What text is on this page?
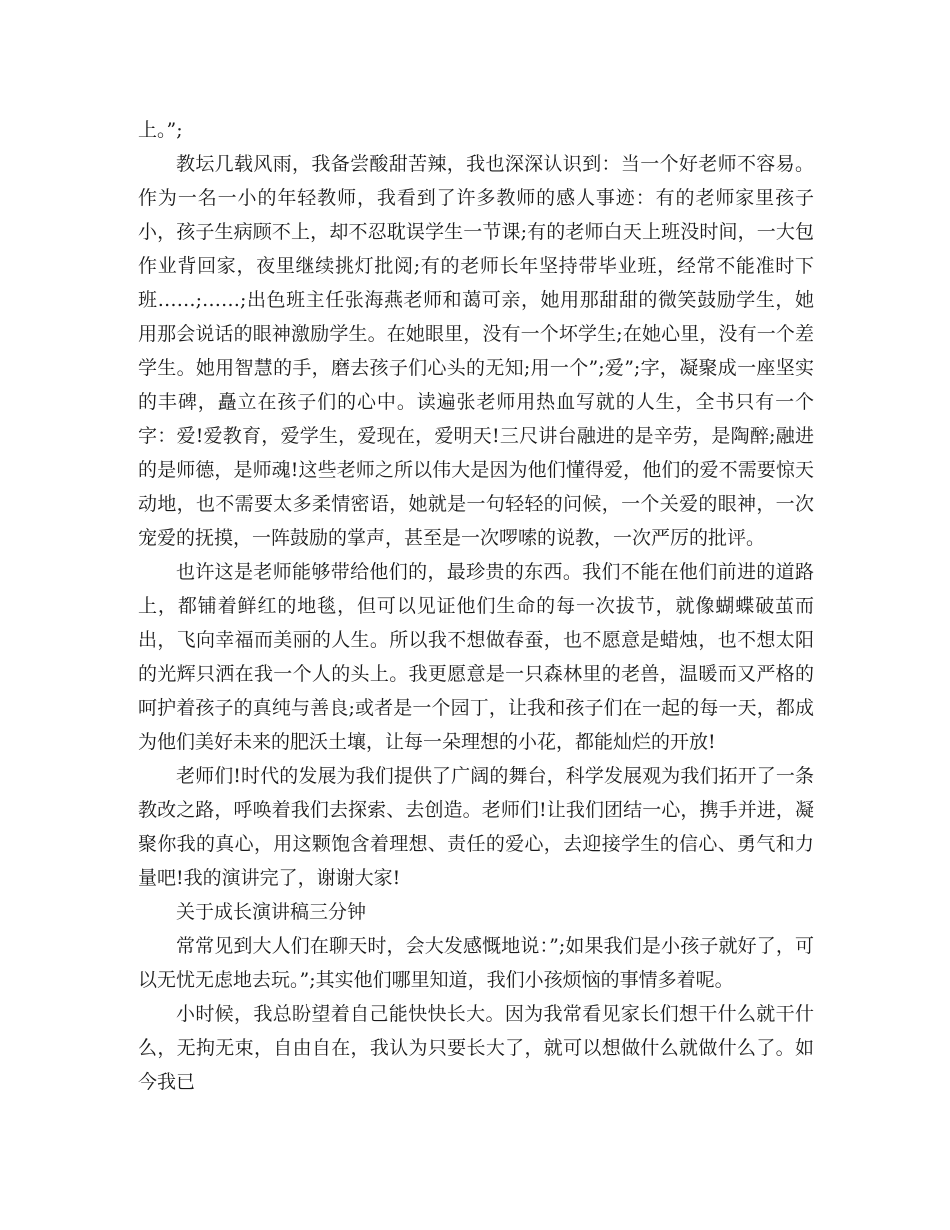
上。”;

教坛几载风雨，我备尝酸甜苦辣，我也深深认识到：当一个好老师不容易。作为一名一小的年轻教师，我看到了许多教师的感人事迹：有的老师家里孩子小，孩子生病顾不上，却不忍耽误学生一节课;有的老师白天上班没时间，一大包作业背回家，夜里继续挑灯批阅;有的老师长年坚持带毕业班，经常不能准时下班……;……;出色班主任张海燕老师和蔼可亲，她用那甜甜的微笑鼓励学生，她用那会说话的眼神激励学生。在她眼里，没有一个坏学生;在她心里，没有一个差学生。她用智慧的手，磨去孩子们心头的无知;用一个”;爱”;字，凝聚成一座坚实的丰碑，矗立在孩子们的心中。读遍张老师用热血写就的人生，全书只有一个字：爱!爱教育，爱学生，爱现在，爱明天!三尺讲台融进的是辛劳，是陶醉;融进的是师德，是师魂!这些老师之所以伟大是因为他们懂得爱，他们的爱不需要惊天动地，也不需要太多柔情密语，她就是一句轻轻的问候，一个关爱的眼神，一次宠爱的抚摸，一阵鼓励的掌声，甚至是一次啰嗦的说教，一次严厉的批评。

也许这是老师能够带给他们的，最珍贵的东西。我们不能在他们前进的道路上，都铺着鲜红的地毯，但可以见证他们生命的每一次拔节，就像蝴蝶破茧而出，飞向幸福而美丽的人生。所以我不想做春蚕，也不愿意是蜡烛，也不想太阳的光辉只洒在我一个人的头上。我更愿意是一只森林里的老兽，温暖而又严格的呵护着孩子的真纯与善良;或者是一个园丁，让我和孩子们在一起的每一天，都成为他们美好未来的肥沃土壤，让每一朵理想的小花，都能灿烂的开放!

老师们!时代的发展为我们提供了广阔的舞台，科学发展观为我们拓开了一条教改之路，呼唤着我们去探索、去创造。老师们!让我们团结一心，携手并进，凝聚你我的真心，用这颗饱含着理想、责任的爱心，去迎接学生的信心、勇气和力量吧!我的演讲完了，谢谢大家!

关于成长演讲稿三分钟

常常见到大人们在聊天时，会大发感慨地说：”;如果我们是小孩子就好了，可以无忧无虑地去玩。”;其实他们哪里知道，我们小孩烦恼的事情多着呢。

小时候，我总盼望着自己能快快长大。因为我常看见家长们想干什么就干什么，无拘无束，自由自在，我认为只要长大了，就可以想做什么就做什么了。如今我已
